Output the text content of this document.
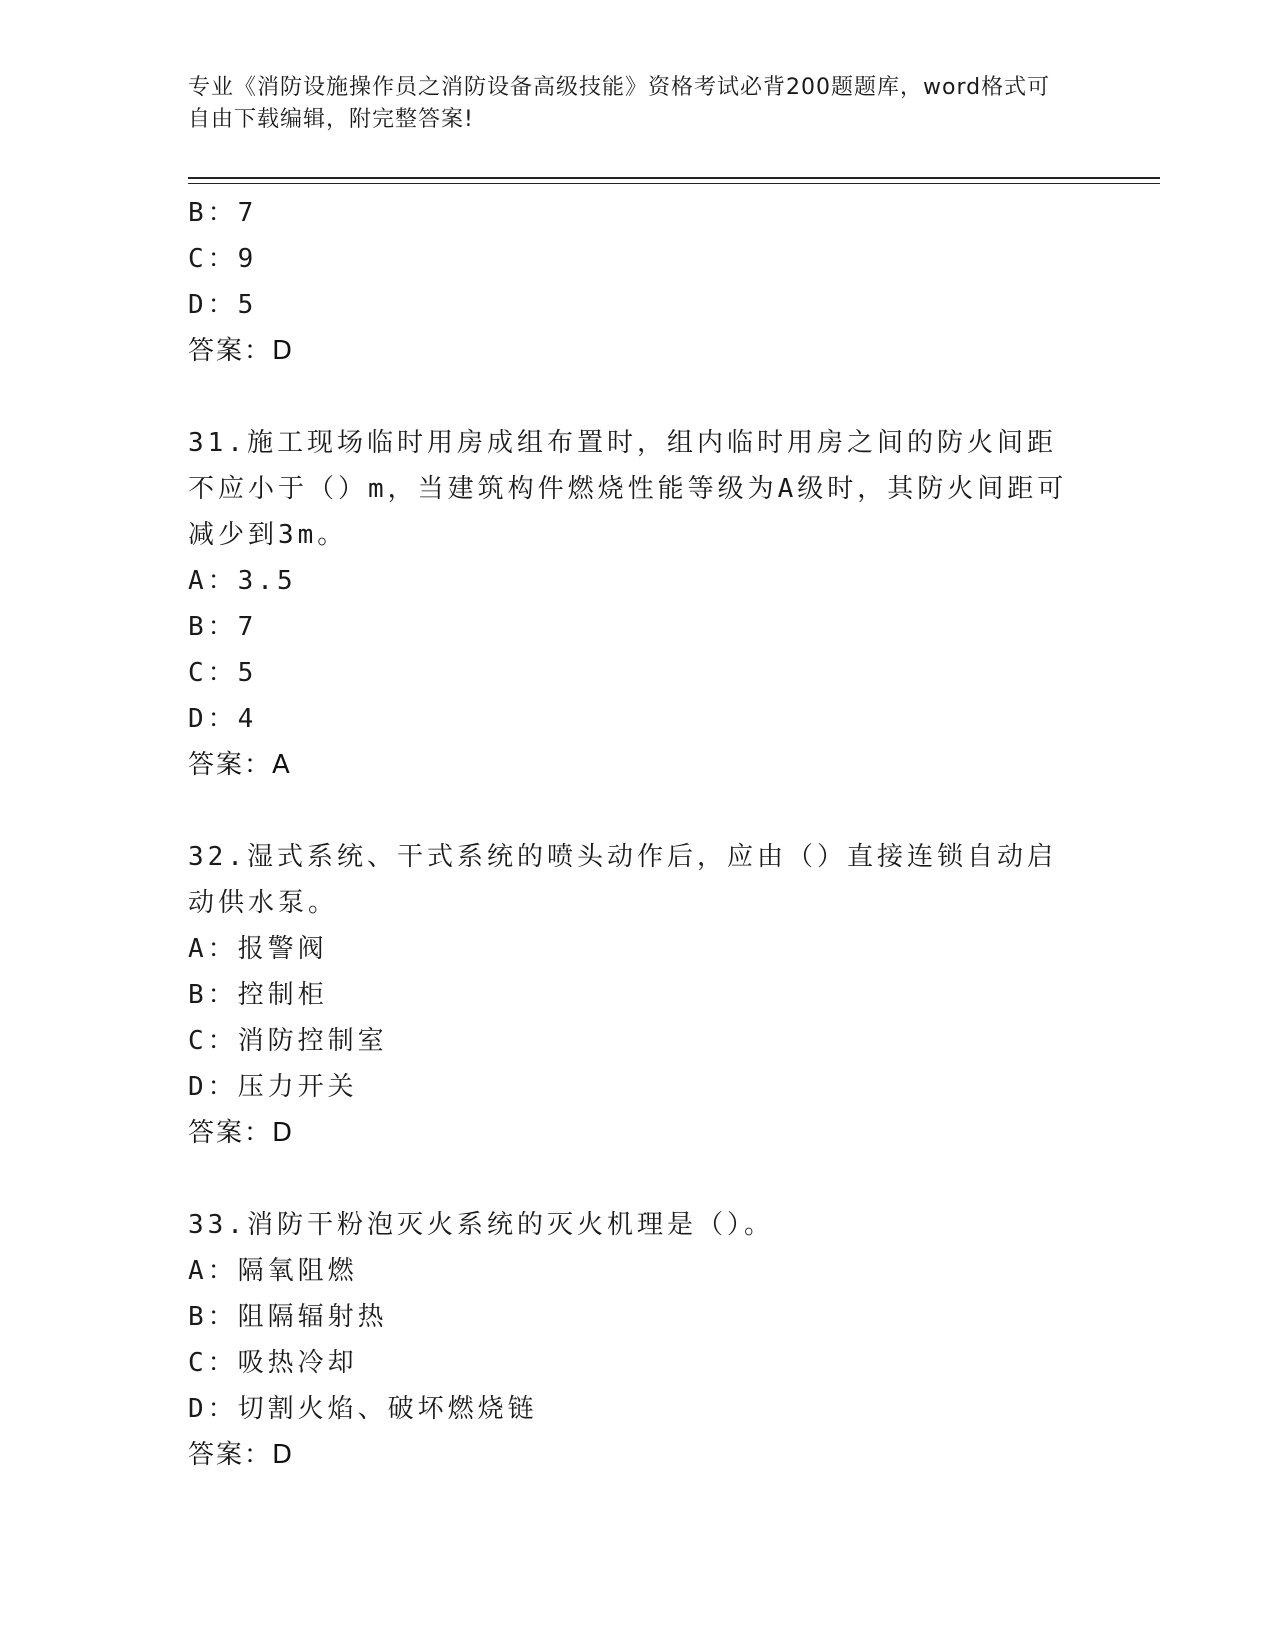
专业《消防设施操作员之消防设备高级技能》资格考试必背200题题库，word格式可自由下载编辑，附完整答案!
B：7
C：9
D：5
答案：D
31.施工现场临时用房成组布置时，组内临时用房之间的防火间距不应小于（）m，当建筑构件燃烧性能等级为A级时，其防火间距可减少到3m。
A：3.5
B：7
C：5
D：4
答案：A
32.湿式系统、干式系统的喷头动作后，应由（）直接连锁自动启动供水泵。
A：报警阀
B：控制柜
C：消防控制室
D：压力开关
答案：D
33.消防干粉泡灭火系统的灭火机理是（）。
A：隔氧阻燃
B：阻隔辐射热
C：吸热冷却
D：切割火焰、破坏燃烧链
答案：D
